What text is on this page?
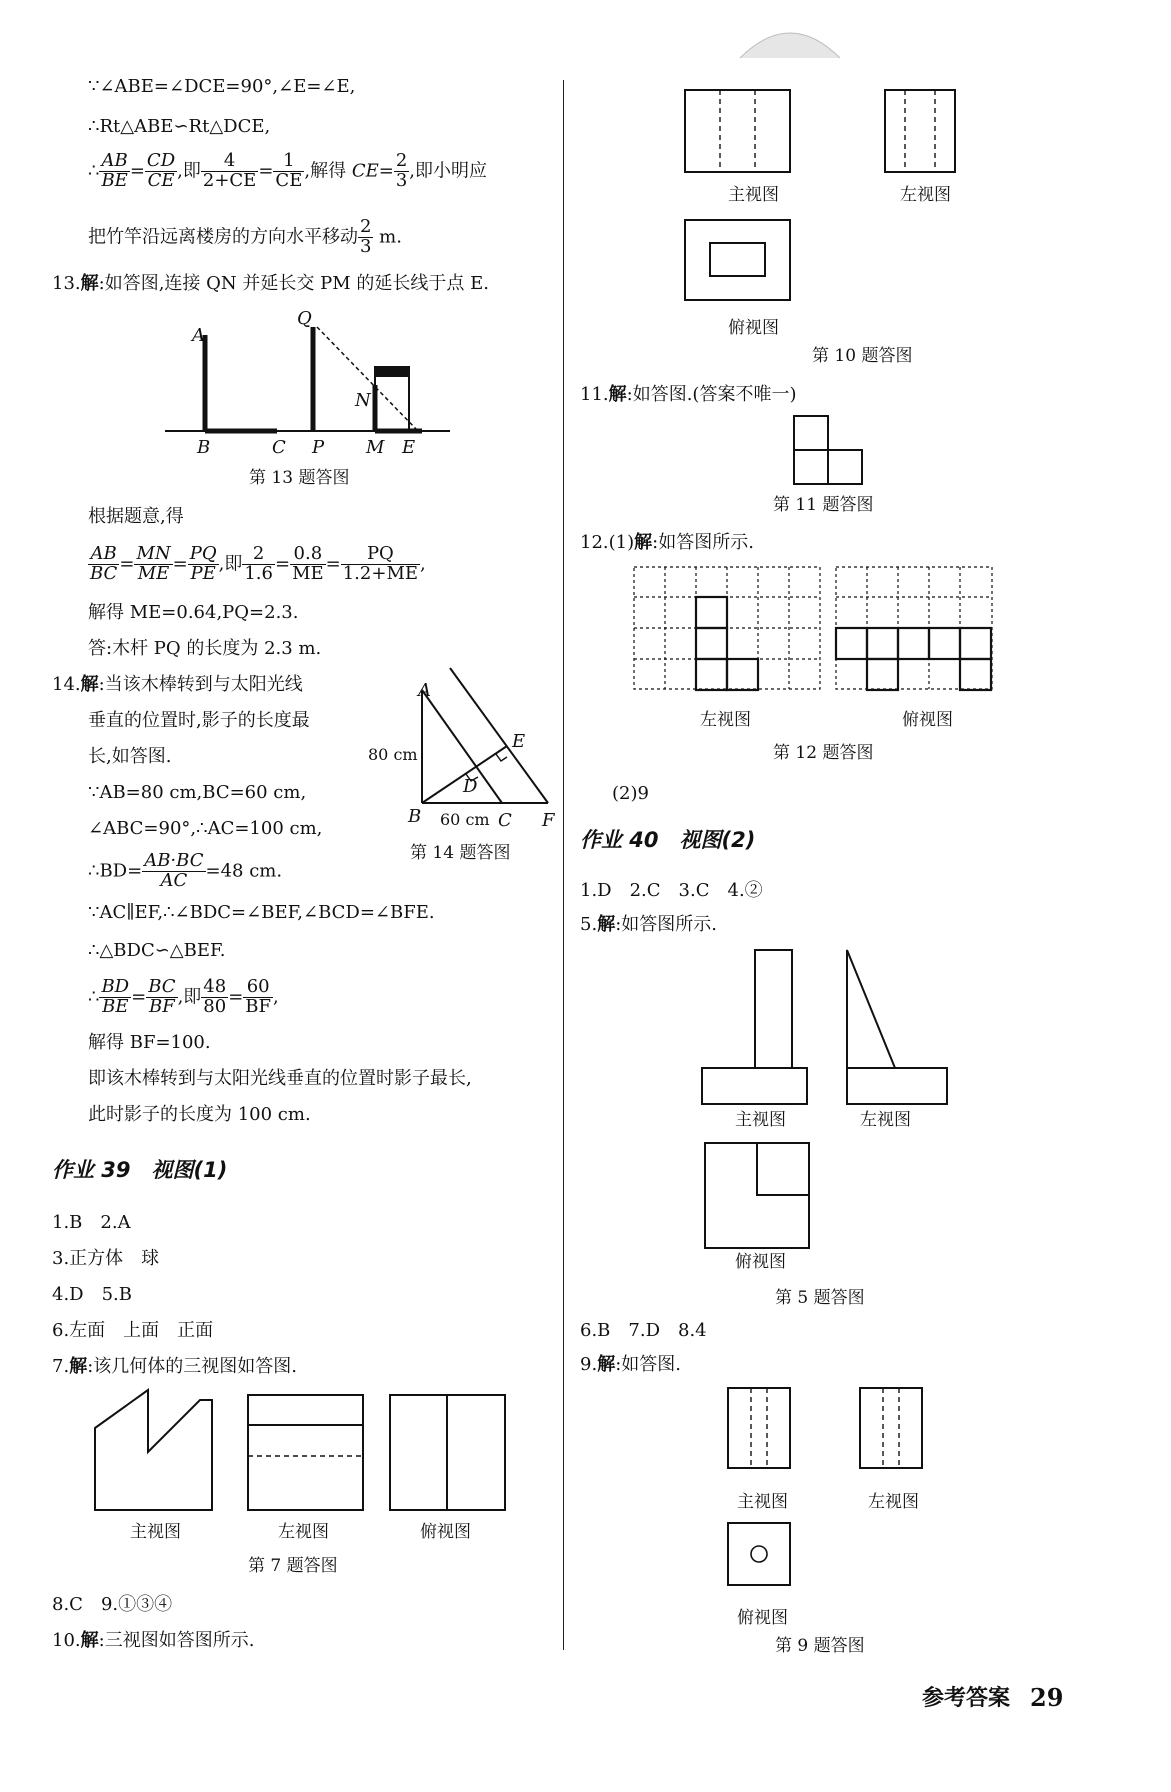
∵∠ABE=∠DCE=90°,∠E=∠E,
∴Rt△ABE∽Rt△DCE,
∴ $\frac{AB}{BE} = \frac{CD}{CE}$ ,即 $\frac{4}{2+CE} = \frac{1}{CE}$ ,解得 $CE= \frac{2}{3}$ ,即小明应
把竹竿沿远离楼房的方向水平移动 $\frac{2}{3} m$.
13.解:如答图,连接 QN 并延长交 PM 的延长线于点 E.
A
Q
N
B	C P M E
第 13 题答图
根据题意,得
$\frac{AB}{BC} = \frac{MN}{ME} = \frac{PQ}{PE}$ ,即 $\frac{2}{1.6} = \frac{0.8}{ME} = \frac{PQ}{1.2+ME}$ ,
解得 ME=0.64,PQ=2.3.
答:木杆 PQ 的长度为 2.3 m.
14.解:当该木棒转到与太阳光线
垂直的位置时,影子的长度最
长,如答图.
∵AB=80 cm,BC=60 cm,
∠ABC=90°,∴AC=100 cm,
∴BD= $\frac{AB\cdot BC}{AC} =48$ cm.
∵AC∥EF,∴∠BDC=∠BEF,∠BCD=∠BFE.
∴△BDC∽△BEF.
∴ $\frac{BD}{BE} = \frac{BC}{BF}$ ,即 $\frac{48}{80} = \frac{60}{BF}$ ,
解得 BF=100.
即该木棒转到与太阳光线垂直的位置时影子最长,
此时影子的长度为 100 cm.
A
E
D
B	C F
80 cm
60 cm
第 14 题答图
作业 39　视图(1)
1.B　2.A
3.正方体　球
4.D　5.B
6.左面　上面　正面
7.解:该几何体的三视图如答图.
主视图	左视图	俯视图
第 7 题答图
8.C　9.①③④
10.解:三视图如答图所示.
主视图	左视图
俯视图
第 10 题答图
11.解:如答图.(答案不唯一)
第 11 题答图
12.(1)解:如答图所示.
左视图	俯视图
第 12 题答图
(2)9
作业 40　视图(2)
1.D　2.C　3.C　4.②
5.解:如答图所示.
主视图	左视图
俯视图
第 5 题答图
6.B　7.D　8.4
9.解:如答图.
主视图	左视图
俯视图
第 9 题答图
参考答案 29
